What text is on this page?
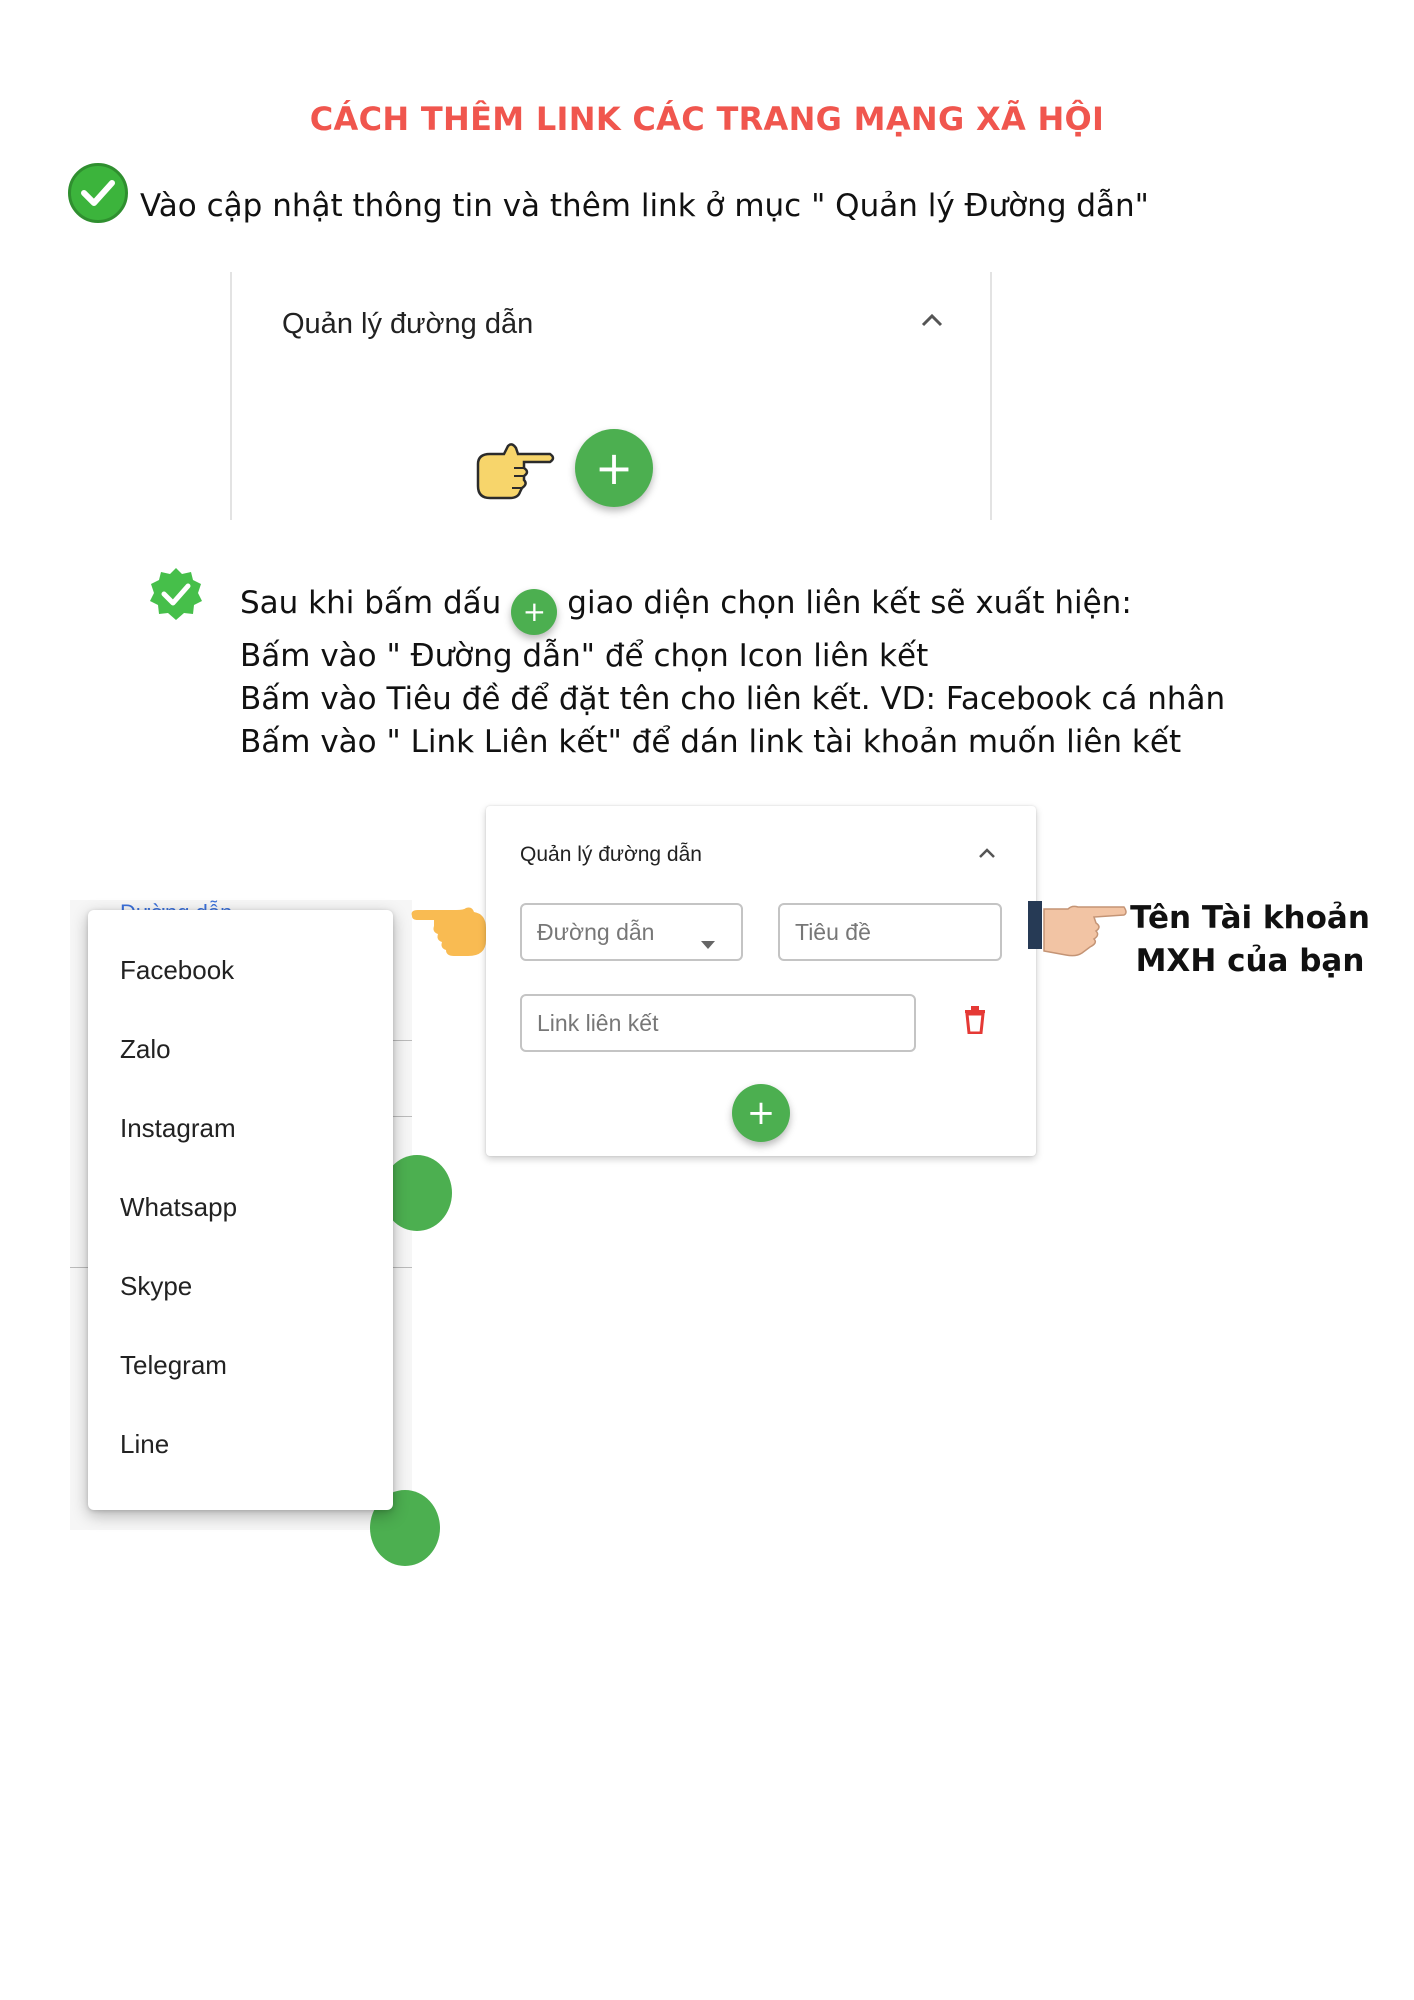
CÁCH THÊM LINK CÁC TRANG MẠNG XÃ HỘI
Vào cập nhật thông tin và thêm link ở mục " Quản lý Đường dẫn"
Quản lý đường dẫn
+
Sau khi bấm dấu + giao diện chọn liên kết sẽ xuất hiện:
Bấm vào " Đường dẫn" để chọn Icon liên kết
Bấm vào Tiêu đề để đặt tên cho liên kết. VD: Facebook cá nhân
Bấm vào " Link Liên kết" để dán link tài khoản muốn liên kết
Facebook
Zalo
Instagram
Whatsapp
Skype
Telegram
Line
Quản lý đường dẫn
Đường dẫn	Tiêu đề
Link liên kết
+
Tên Tài khoản
MXH của bạn
